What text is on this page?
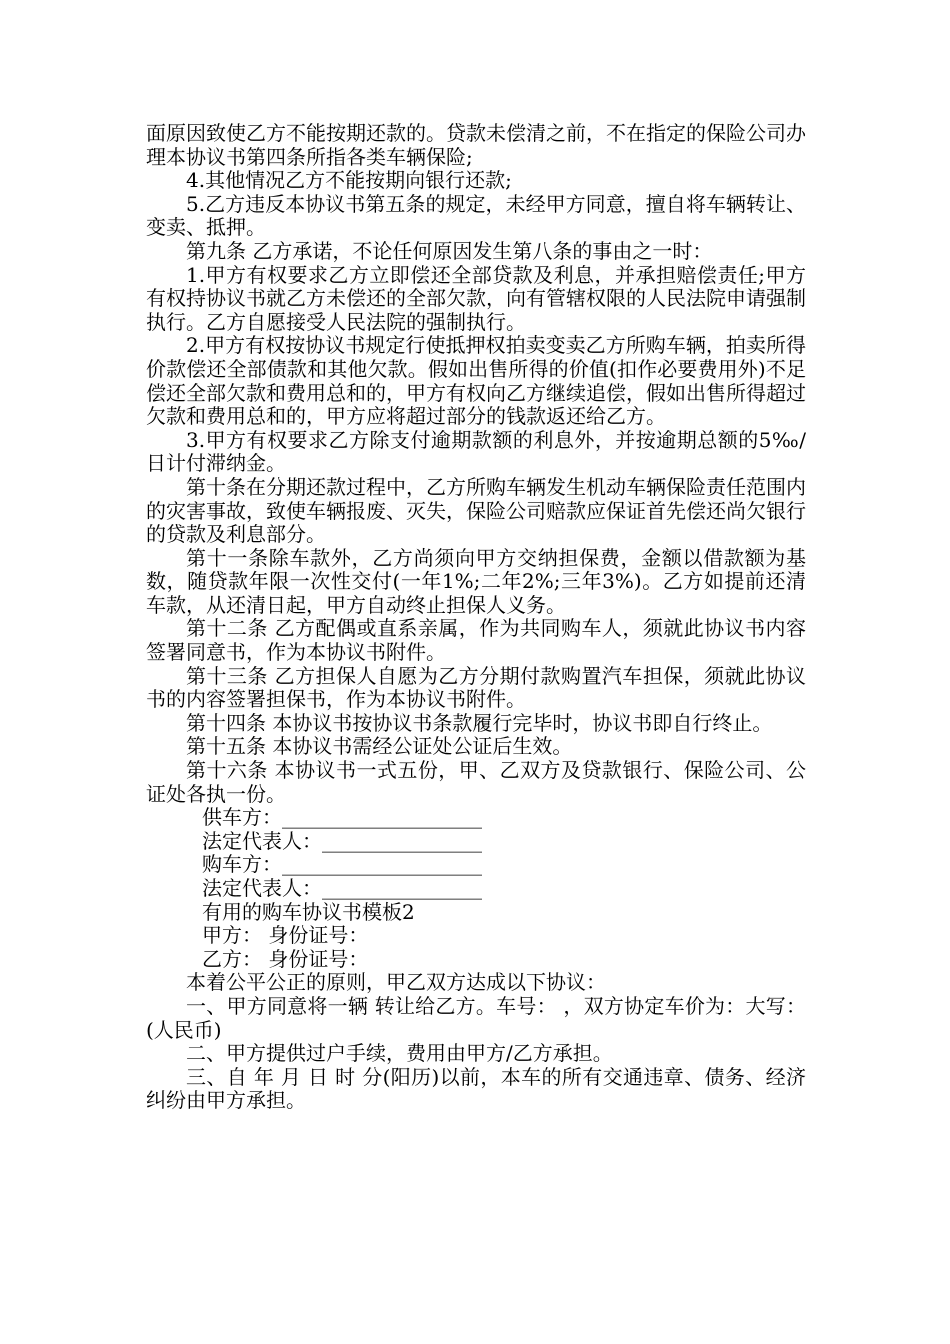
面原因致使乙方不能按期还款的。贷款未偿清之前，不在指定的保险公司办理本协议书第四条所指各类车辆保险;

4.其他情况乙方不能按期向银行还款;

5.乙方违反本协议书第五条的规定，未经甲方同意，擅自将车辆转让、变卖、抵押。

第九条 乙方承诺，不论任何原因发生第八条的事由之一时：

1.甲方有权要求乙方立即偿还全部贷款及利息，并承担赔偿责任;甲方有权持协议书就乙方未偿还的全部欠款，向有管辖权限的人民法院申请强制执行。乙方自愿接受人民法院的强制执行。

2.甲方有权按协议书规定行使抵押权拍卖变卖乙方所购车辆，拍卖所得价款偿还全部债款和其他欠款。假如出售所得的价值(扣作必要费用外)不足偿还全部欠款和费用总和的，甲方有权向乙方继续追偿，假如出售所得超过欠款和费用总和的，甲方应将超过部分的钱款返还给乙方。

3.甲方有权要求乙方除支付逾期款额的利息外，并按逾期总额的5‰/日计付滞纳金。

第十条在分期还款过程中，乙方所购车辆发生机动车辆保险责任范围内的灾害事故，致使车辆报废、灭失，保险公司赔款应保证首先偿还尚欠银行的贷款及利息部分。

第十一条除车款外，乙方尚须向甲方交纳担保费，金额以借款额为基数，随贷款年限一次性交付(一年1%;二年2%;三年3%)。乙方如提前还清车款，从还清日起，甲方自动终止担保人义务。

第十二条 乙方配偶或直系亲属，作为共同购车人，须就此协议书内容签署同意书，作为本协议书附件。

第十三条 乙方担保人自愿为乙方分期付款购置汽车担保，须就此协议书的内容签署担保书，作为本协议书附件。

第十四条 本协议书按协议书条款履行完毕时，协议书即自行终止。

第十五条 本协议书需经公证处公证后生效。

第十六条 本协议书一式五份，甲、乙双方及贷款银行、保险公司、公证处各执一份。

供车方：____________________

法定代表人：________________

购车方：____________________

法定代表人：________________

有用的购车协议书模板2

甲方： 身份证号：

乙方： 身份证号：

本着公平公正的原则，甲乙双方达成以下协议：

一、甲方同意将一辆 转让给乙方。车号： ，双方协定车价为：大写： (人民币)

二、甲方提供过户手续，费用由甲方/乙方承担。

三、自 年 月 日 时 分(阳历)以前，本车的所有交通违章、债务、经济纠纷由甲方承担。
